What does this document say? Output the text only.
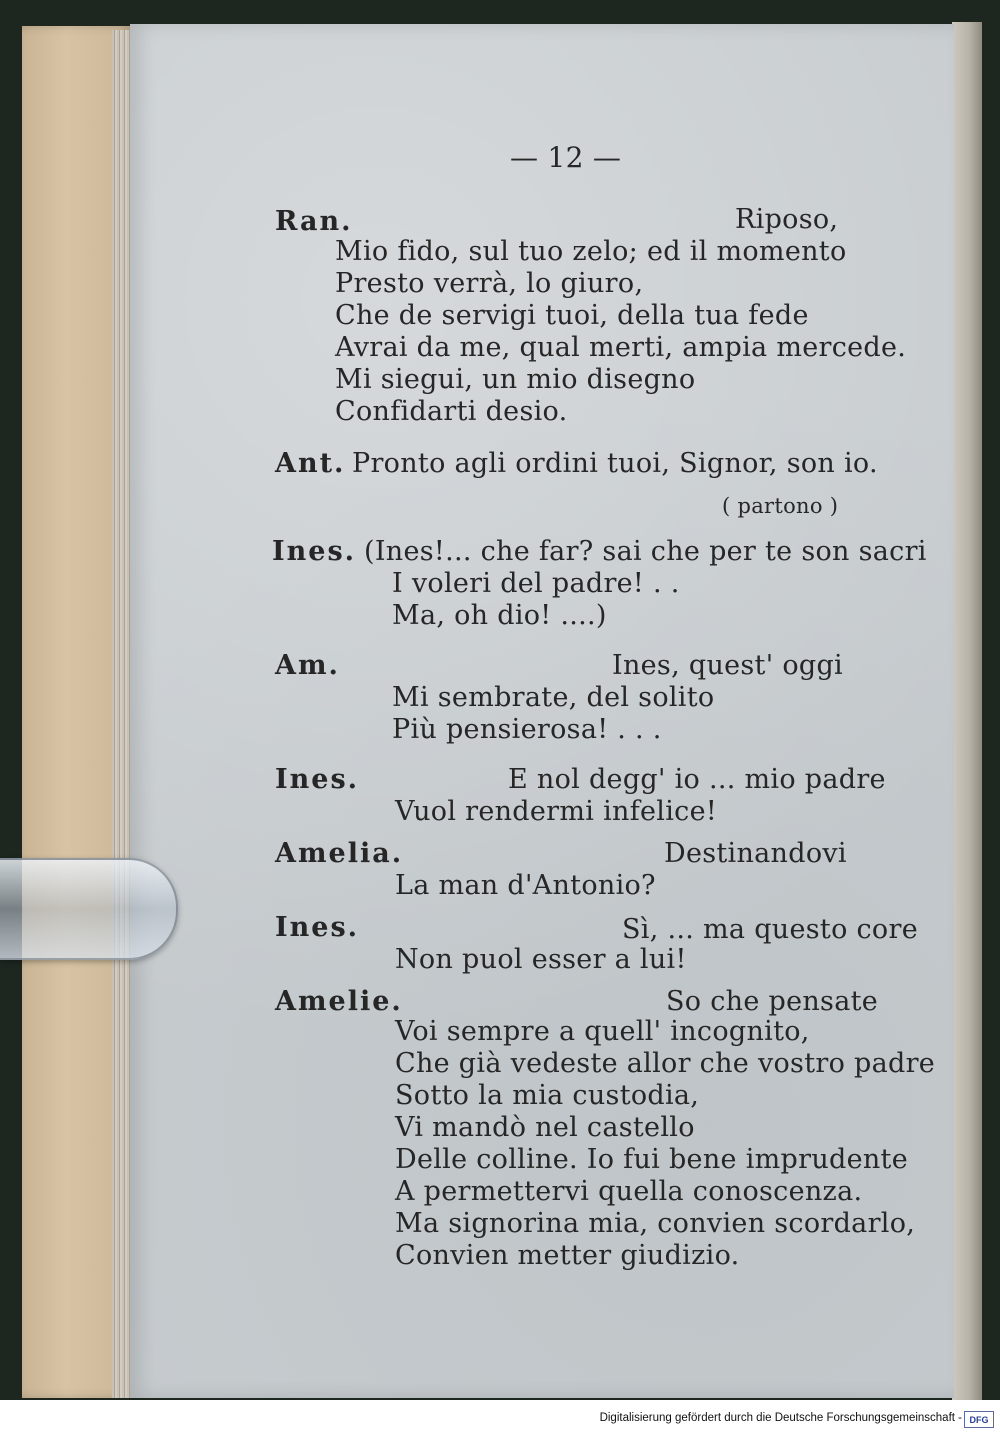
— 12 —
Ran.	Riposo,
Mio fido, sul tuo zelo; ed il momento
Presto verrà, lo giuro,
Che de servigi tuoi, della tua fede
Avrai da me, qual merti, ampia mercede.
Mi siegui, un mio disegno
Confidarti desio.
Ant. Pronto agli ordini tuoi, Signor, son io.
( partono )
Ines. (Ines!... che far? sai che per te son sacri
I voleri del padre! . .
Ma, oh dio! ....)
Am.	Ines, quest' oggi
Mi sembrate, del solito
Più pensierosa! . . .
Ines.	E nol degg' io ... mio padre
Vuol rendermi infelice!
Amelia.	Destinandovi
La man d'Antonio?
Ines.	Sì, ... ma questo core
Non puol esser a lui!
Amelie.	So che pensate
Voi sempre a quell' incognito,
Che già vedeste allor che vostro padre
Sotto la mia custodia,
Vi mandò nel castello
Delle colline. Io fui bene imprudente
A permettervi quella conoscenza.
Ma signorina mia, convien scordarlo,
Convien metter giudizio.
Digitalisierung gefördert durch die Deutsche Forschungsgemeinschaft - DFG
